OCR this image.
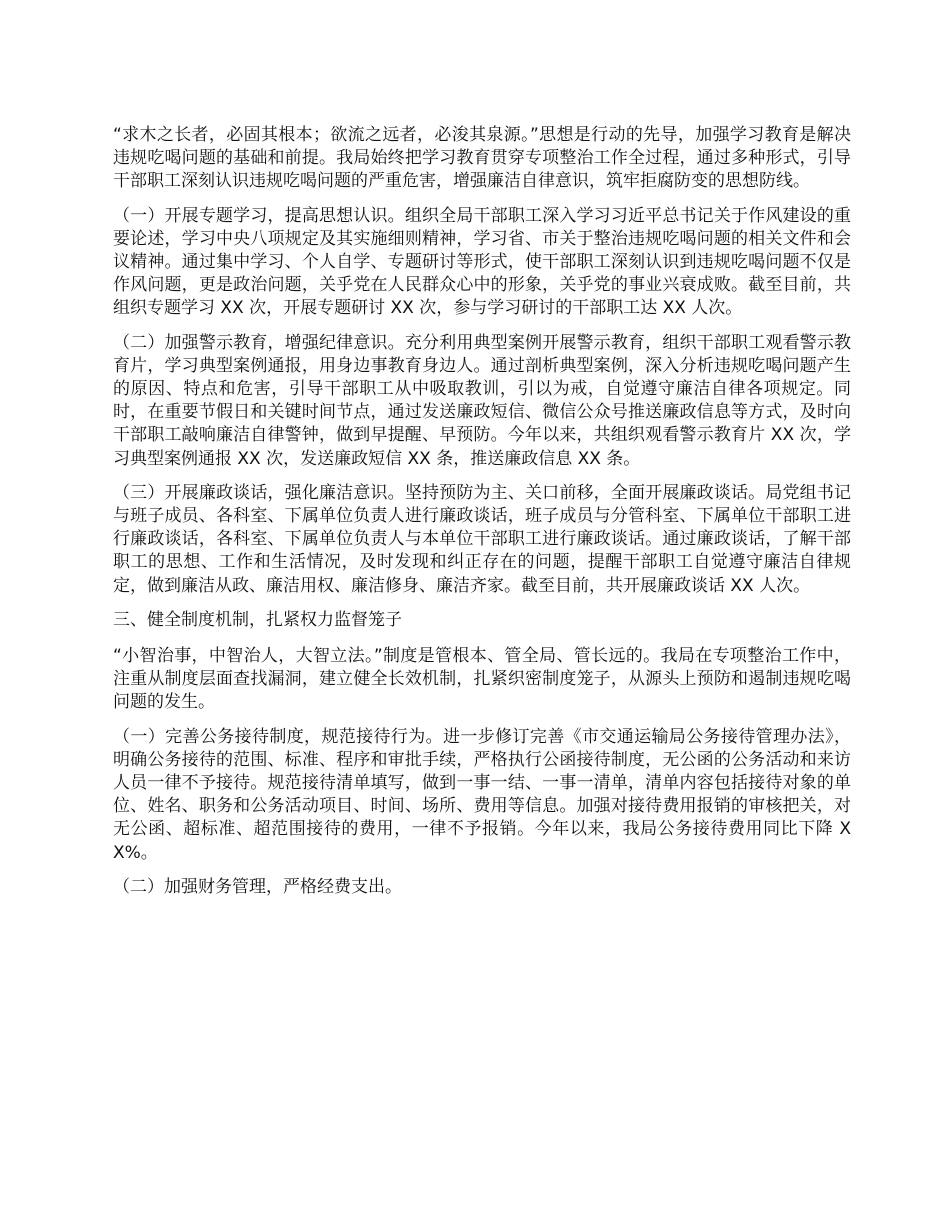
“求木之长者，必固其根本；欲流之远者，必浚其泉源。”思想是行动的先导，加强学习教育是解决违规吃喝问题的基础和前提。我局始终把学习教育贯穿专项整治工作全过程，通过多种形式，引导干部职工深刻认识违规吃喝问题的严重危害，增强廉洁自律意识，筑牢拒腐防变的思想防线。

（一）开展专题学习，提高思想认识。组织全局干部职工深入学习习近平总书记关于作风建设的重要论述，学习中央八项规定及其实施细则精神，学习省、市关于整治违规吃喝问题的相关文件和会议精神。通过集中学习、个人自学、专题研讨等形式，使干部职工深刻认识到违规吃喝问题不仅是作风问题，更是政治问题，关乎党在人民群众心中的形象，关乎党的事业兴衰成败。截至目前，共组织专题学习 XX 次，开展专题研讨 XX 次，参与学习研讨的干部职工达 XX 人次。

（二）加强警示教育，增强纪律意识。充分利用典型案例开展警示教育，组织干部职工观看警示教育片，学习典型案例通报，用身边事教育身边人。通过剖析典型案例，深入分析违规吃喝问题产生的原因、特点和危害，引导干部职工从中吸取教训，引以为戒，自觉遵守廉洁自律各项规定。同时，在重要节假日和关键时间节点，通过发送廉政短信、微信公众号推送廉政信息等方式，及时向干部职工敲响廉洁自律警钟，做到早提醒、早预防。今年以来，共组织观看警示教育片 XX 次，学习典型案例通报 XX 次，发送廉政短信 XX 条，推送廉政信息 XX 条。

（三）开展廉政谈话，强化廉洁意识。坚持预防为主、关口前移，全面开展廉政谈话。局党组书记与班子成员、各科室、下属单位负责人进行廉政谈话，班子成员与分管科室、下属单位干部职工进行廉政谈话，各科室、下属单位负责人与本单位干部职工进行廉政谈话。通过廉政谈话，了解干部职工的思想、工作和生活情况，及时发现和纠正存在的问题，提醒干部职工自觉遵守廉洁自律规定，做到廉洁从政、廉洁用权、廉洁修身、廉洁齐家。截至目前，共开展廉政谈话 XX 人次。

三、健全制度机制，扎紧权力监督笼子

“小智治事，中智治人，大智立法。”制度是管根本、管全局、管长远的。我局在专项整治工作中，注重从制度层面查找漏洞，建立健全长效机制，扎紧织密制度笼子，从源头上预防和遏制违规吃喝问题的发生。

（一）完善公务接待制度，规范接待行为。进一步修订完善《市交通运输局公务接待管理办法》，明确公务接待的范围、标准、程序和审批手续，严格执行公函接待制度，无公函的公务活动和来访人员一律不予接待。规范接待清单填写，做到一事一结、一事一清单，清单内容包括接待对象的单位、姓名、职务和公务活动项目、时间、场所、费用等信息。加强对接待费用报销的审核把关，对无公函、超标准、超范围接待的费用，一律不予报销。今年以来，我局公务接待费用同比下降 XX%。

（二）加强财务管理，严格经费支出。
